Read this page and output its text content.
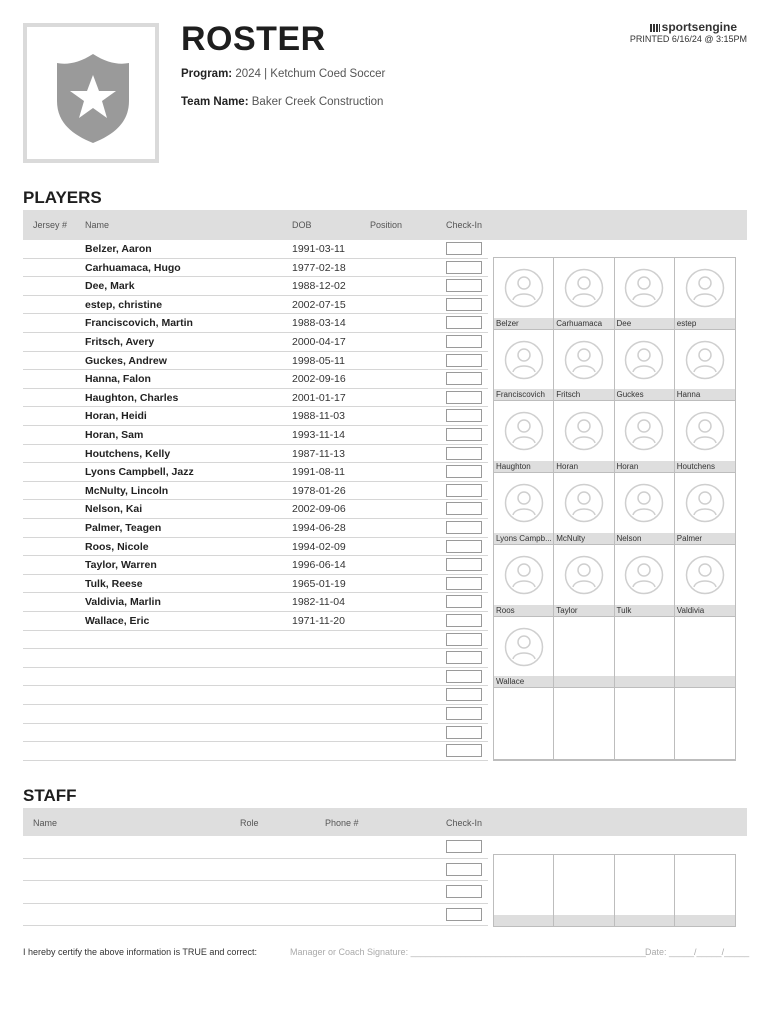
ROSTER	sportsengine
PRINTED 6/16/24 @ 3:15PM
Program: 2024 | Ketchum Coed Soccer
Team Name: Baker Creek Construction
PLAYERS
Jersey # Name	DOB	Position	Check-In
Belzer, Aaron	1991-03-11
Carhuamaca, Hugo	1977-02-18
Dee, Mark	1988-12-02
estep, christine	2002-07-15
Franciscovich, Martin	1988-03-14
Fritsch, Avery	2000-04-17
Guckes, Andrew	1998-05-11
Hanna, Falon	2002-09-16
Haughton, Charles	2001-01-17
Horan, Heidi	1988-11-03
Horan, Sam	1993-11-14
Houtchens, Kelly	1987-11-13
Lyons Campbell, Jazz	1991-08-11
McNulty, Lincoln	1978-01-26
Nelson, Kai	2002-09-06
Palmer, Teagen	1994-06-28
Roos, Nicole	1994-02-09
Taylor, Warren	1996-06-14
Tulk, Reese	1965-01-19
Valdivia, Marlin	1982-11-04
Wallace, Eric	1971-11-20
Belzer	Carhuamaca	Dee	estep
Franciscovich	Fritsch	Guckes	Hanna
Haughton	Horan	Horan	Houtchens
Lyons Campb... McNulty	Nelson	Palmer
Roos	Taylor	Tulk	Valdivia
Wallace
STAFF
Name	Role	Phone #	Check-In
I hereby certify the above information is TRUE and correct:	Manager or Coach Signature: _______________________________________________ Date: _____/_____/_____
